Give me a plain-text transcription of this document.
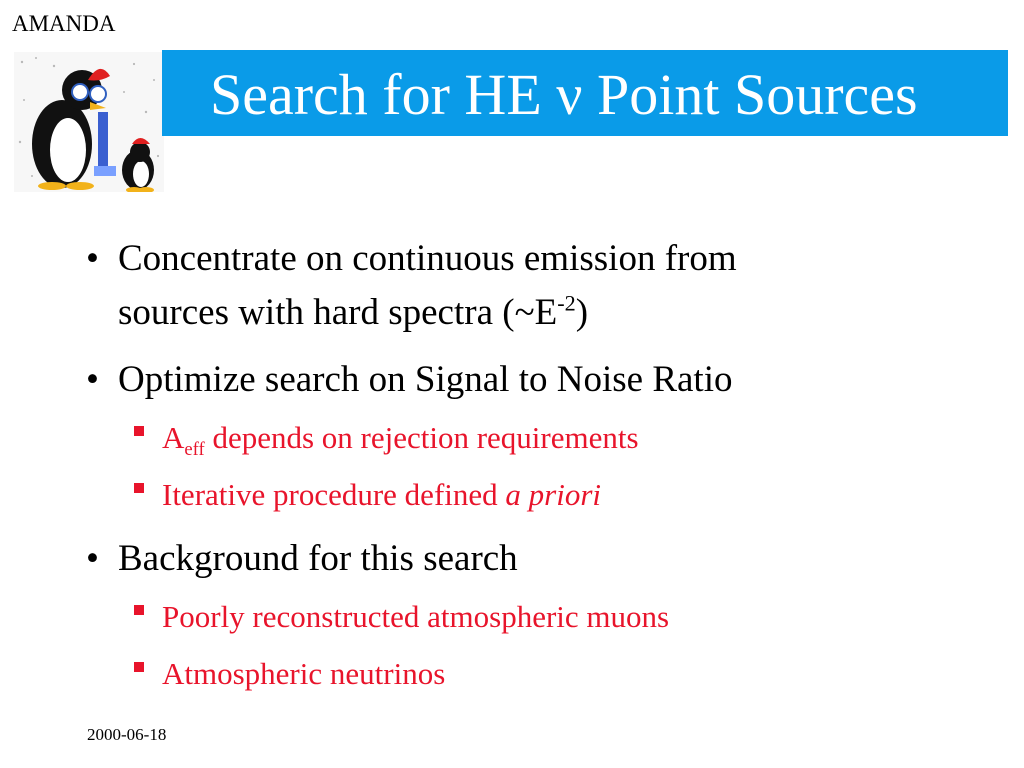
AMANDA
Search for HE ν Point Sources
• Concentrate on continuous emission from
sources with hard spectra $(\sim E^{-2})$
• Optimize search on Signal to Noise Ratio
$A_{eff}$ depends on rejection requirements
Iterative procedure defined a priori
• Background for this search
Poorly reconstructed atmospheric muons
Atmospheric neutrinos
2000-06-18
